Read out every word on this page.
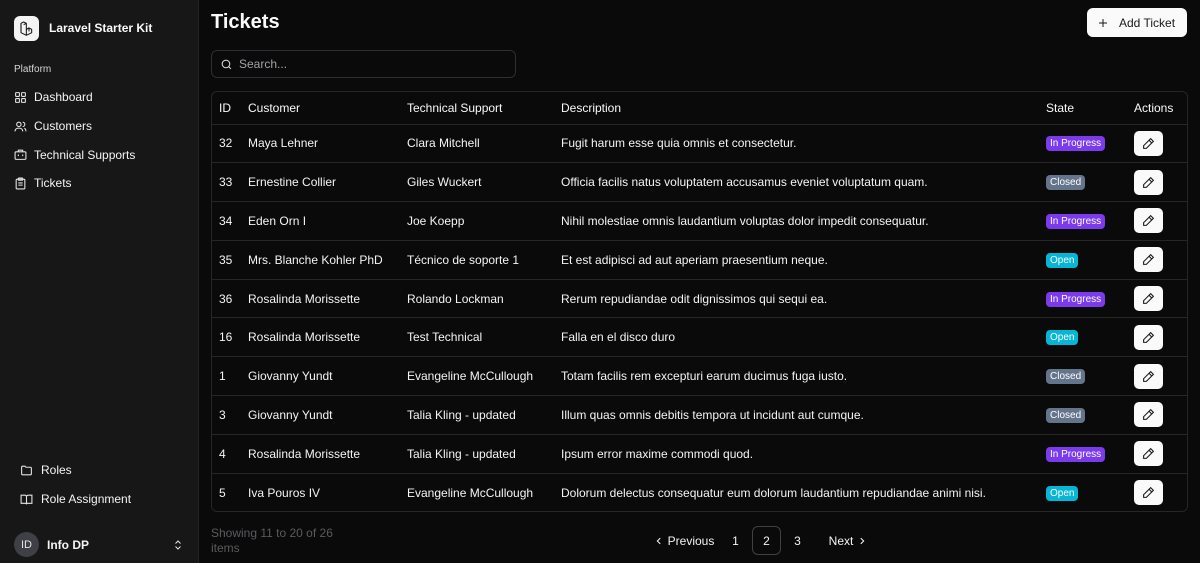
Laravel Starter Kit
Platform
Dashboard
Customers
Technical Supports
Tickets
Roles
Role Assignment
ID	Info DP
Tickets	Add Ticket
Search...
ID	Customer	Technical Support	Description	State	Actions
32	Maya Lehner	Clara Mitchell	Fugit harum esse quia omnis et consectetur.	In Progress	

33	Ernestine Collier	Giles Wuckert	Officia facilis natus voluptatem accusamus eveniet voluptatum quam.	Closed	

34	Eden Orn I	Joe Koepp	Nihil molestiae omnis laudantium voluptas dolor impedit consequatur.	In Progress	

35	Mrs. Blanche Kohler PhD	Técnico de soporte 1	Et est adipisci ad aut aperiam praesentium neque.	Open	

36	Rosalinda Morissette	Rolando Lockman	Rerum repudiandae odit dignissimos qui sequi ea.	In Progress	

16	Rosalinda Morissette	Test Technical	Falla en el disco duro	Open	

1	Giovanny Yundt	Evangeline McCullough	Totam facilis rem excepturi earum ducimus fuga iusto.	Closed	

3	Giovanny Yundt	Talia Kling - updated	Illum quas omnis debitis tempora ut incidunt aut cumque.	Closed	

4	Rosalinda Morissette	Talia Kling - updated	Ipsum error maxime commodi quod.	In Progress	

5	Iva Pouros IV	Evangeline McCullough	Dolorum delectus consequatur eum dolorum laudantium repudiandae animi nisi.	Open	
Showing 11 to 20 of 26 items
Previous	1	2	3	Next
